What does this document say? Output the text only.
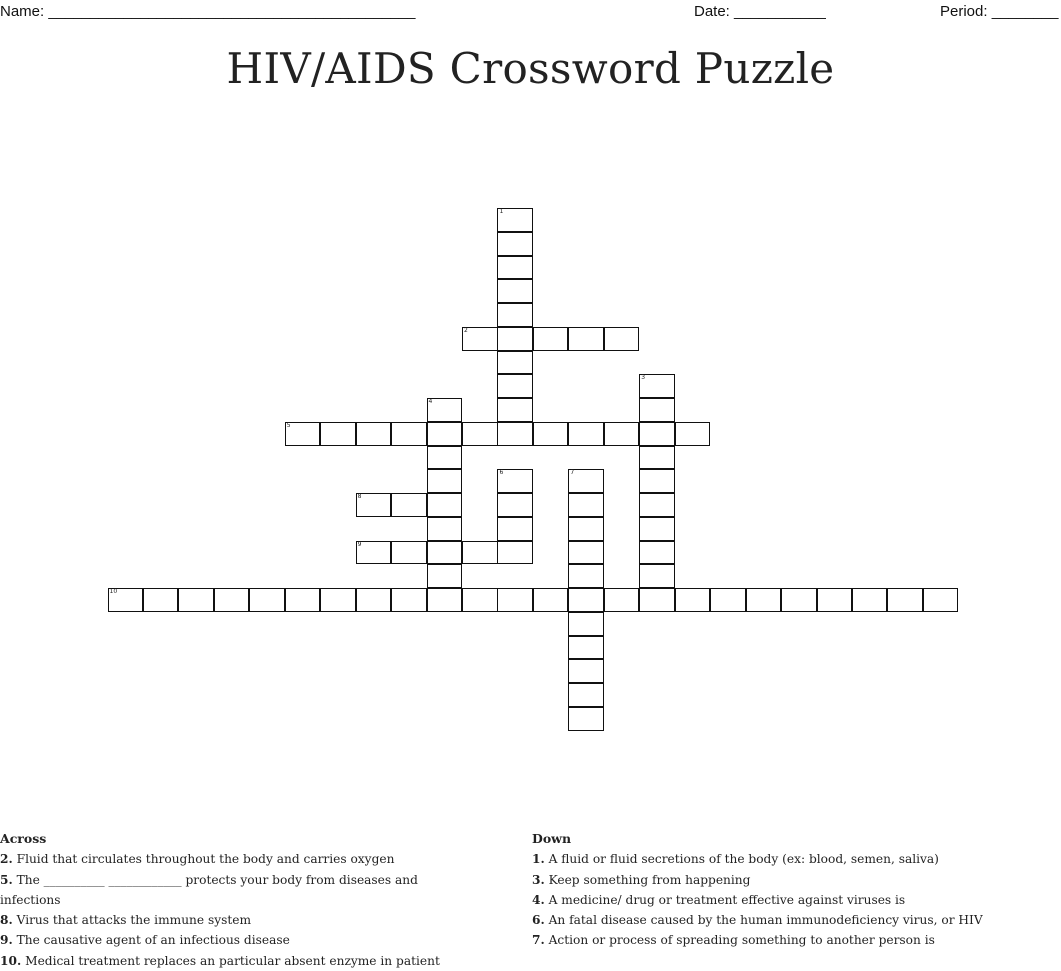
Name: ____________________________________________	Date: ___________	Period: ________
HIV/AIDS Crossword Puzzle
1
2
3
4
5
6	7
8
9
10
Across
2. Fluid that circulates throughout the body and carries oxygen
5. The __________ ____________ protects your body from diseases and infections
8. Virus that attacks the immune system
9. The causative agent of an infectious disease
10. Medical treatment replaces an particular absent enzyme in patient
Down
1. A fluid or fluid secretions of the body (ex: blood, semen, saliva)
3. Keep something from happening
4. A medicine/ drug or treatment effective against viruses is
6. An fatal disease caused by the human immunodeficiency virus, or HIV
7. Action or process of spreading something to another person is
